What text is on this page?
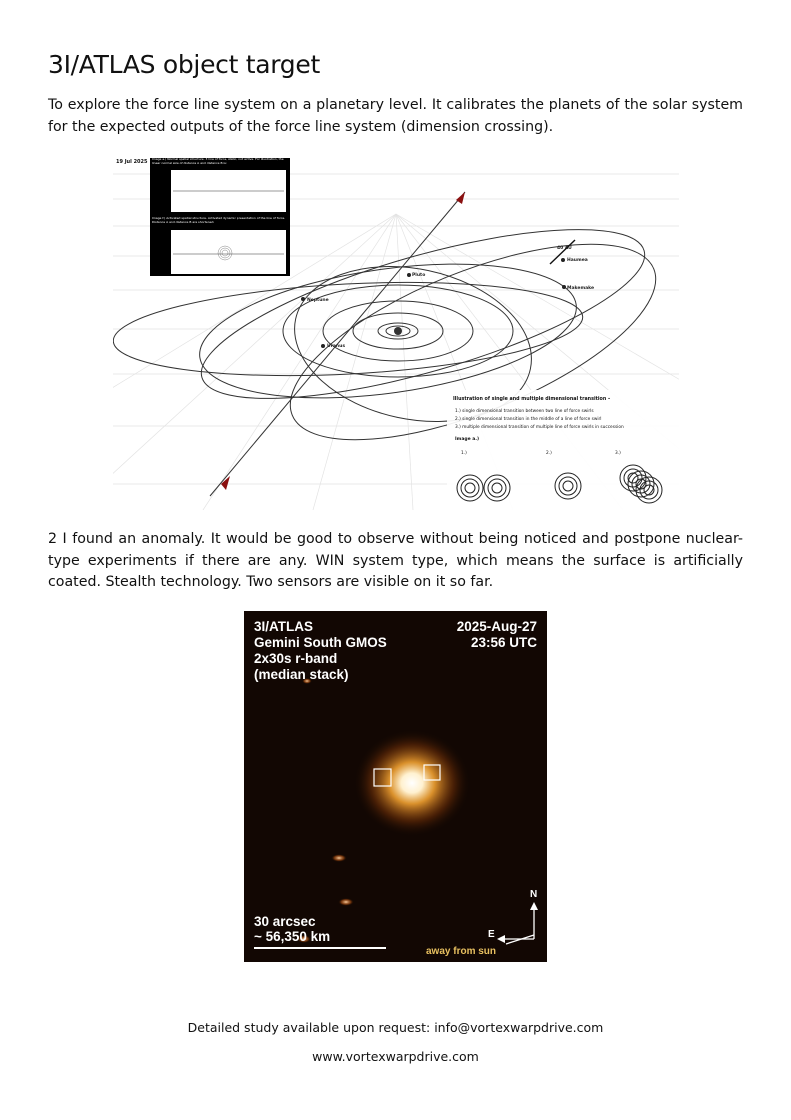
3I/ATLAS object target

To explore the force line system on a planetary level. It calibrates the planets of the solar system for the expected outputs of the force line system (dimension crossing).

Pluto
Neptune
Uranus
Haumea
Makemake
40 AU
Image a.) Normal spatial structure. 3 line of force, static, not active. For illustration, the linear normal size of distance A and distance B is:
Image f.) Activated spatial structure. Activated dynamic presentation of the line of force. Distance A and distance B are shortened.
19 Jul 2025
Illustration of single and multiple dimensional transition –
1.) single dimensional transition between two line of force swirls
2.) single dimensional transition in the middle of a line of force swirl
3.) multiple dimensional transition of multiple line of force swirls in succession
Image a.)
1.)	2.)	3.)

2 I found an anomaly. It would be good to observe without being noticed and postpone nuclear-type experiments if there are any. WIN system type, which means the surface is artificially coated. Stealth technology. Two sensors are visible on it so far.

3I/ATLAS
Gemini South GMOS
2x30s r-band
(median stack)
2025-Aug-27
23:56 UTC
30 arcsec
~ 56,350 km
N
E
away from sun
Detailed study available upon request: info@vortexwarpdrive.com
www.vortexwarpdrive.com
